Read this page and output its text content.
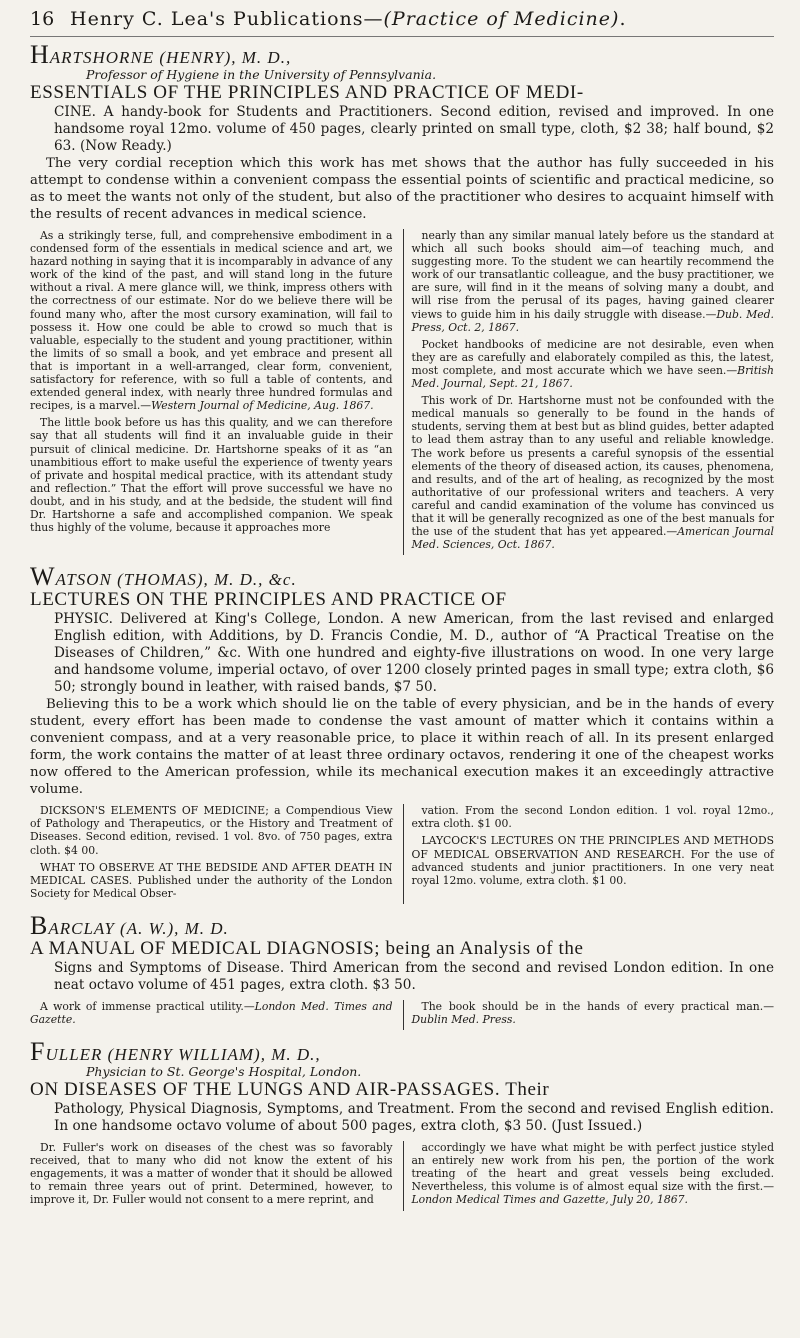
16 Henry C. Lea's Publications—(Practice of Medicine).
HARTSHORNE (HENRY), M. D.,
Professor of Hygiene in the University of Pennsylvania.
ESSENTIALS OF THE PRINCIPLES AND PRACTICE OF MEDI-
CINE. A handy-book for Students and Practitioners. Second edition, revised and improved. In one handsome royal 12mo. volume of 450 pages, clearly printed on small type, cloth, $2 38; half bound, $2 63. (Now Ready.)
The very cordial reception which this work has met shows that the author has fully succeeded in his attempt to condense within a convenient compass the essential points of scientific and practical medicine, so as to meet the wants not only of the student, but also of the practitioner who desires to acquaint himself with the results of recent advances in medical science.

As a strikingly terse, full, and comprehensive embodiment in a condensed form of the essentials in medical science and art, we hazard nothing in saying that it is incomparably in advance of any work of the kind of the past, and will stand long in the future without a rival. A mere glance will, we think, impress others with the correctness of our estimate. Nor do we believe there will be found many who, after the most cursory examination, will fail to possess it. How one could be able to crowd so much that is valuable, especially to the student and young practitioner, within the limits of so small a book, and yet embrace and present all that is important in a well-arranged, clear form, convenient, satisfactory for reference, with so full a table of contents, and extended general index, with nearly three hundred formulas and recipes, is a marvel.—Western Journal of Medicine, Aug. 1867.

The little book before us has this quality, and we can therefore say that all students will find it an invaluable guide in their pursuit of clinical medicine. Dr. Hartshorne speaks of it as “an unambitious effort to make useful the experience of twenty years of private and hospital medical practice, with its attendant study and reflection.” That the effort will prove successful we have no doubt, and in his study, and at the bedside, the student will find Dr. Hartshorne a safe and accomplished companion. We speak thus highly of the volume, because it approaches more

nearly than any similar manual lately before us the standard at which all such books should aim—of teaching much, and suggesting more. To the student we can heartily recommend the work of our transatlantic colleague, and the busy practitioner, we are sure, will find in it the means of solving many a doubt, and will rise from the perusal of its pages, having gained clearer views to guide him in his daily struggle with disease.—Dub. Med. Press, Oct. 2, 1867.

Pocket handbooks of medicine are not desirable, even when they are as carefully and elaborately compiled as this, the latest, most complete, and most accurate which we have seen.—British Med. Journal, Sept. 21, 1867.

This work of Dr. Hartshorne must not be confounded with the medical manuals so generally to be found in the hands of students, serving them at best but as blind guides, better adapted to lead them astray than to any useful and reliable knowledge. The work before us presents a careful synopsis of the essential elements of the theory of diseased action, its causes, phenomena, and results, and of the art of healing, as recognized by the most authoritative of our professional writers and teachers. A very careful and candid examination of the volume has convinced us that it will be generally recognized as one of the best manuals for the use of the student that has yet appeared.—American Journal Med. Sciences, Oct. 1867.

WATSON (THOMAS), M. D., &c.
LECTURES ON THE PRINCIPLES AND PRACTICE OF
PHYSIC. Delivered at King's College, London. A new American, from the last revised and enlarged English edition, with Additions, by D. Francis Condie, M. D., author of “A Practical Treatise on the Diseases of Children,” &c. With one hundred and eighty-five illustrations on wood. In one very large and handsome volume, imperial octavo, of over 1200 closely printed pages in small type; extra cloth, $6 50; strongly bound in leather, with raised bands, $7 50.
Believing this to be a work which should lie on the table of every physician, and be in the hands of every student, every effort has been made to condense the vast amount of matter which it contains within a convenient compass, and at a very reasonable price, to place it within reach of all. In its present enlarged form, the work contains the matter of at least three ordinary octavos, rendering it one of the cheapest works now offered to the American profession, while its mechanical execution makes it an exceedingly attractive volume.

DICKSON'S ELEMENTS OF MEDICINE; a Compendious View of Pathology and Therapeutics, or the History and Treatment of Diseases. Second edition, revised. 1 vol. 8vo. of 750 pages, extra cloth. $4 00.

WHAT TO OBSERVE AT THE BEDSIDE AND AFTER DEATH IN MEDICAL CASES. Published under the authority of the London Society for Medical Obser-

vation. From the second London edition. 1 vol. royal 12mo., extra cloth. $1 00.

LAYCOCK'S LECTURES ON THE PRINCIPLES AND METHODS OF MEDICAL OBSERVATION AND RESEARCH. For the use of advanced students and junior practitioners. In one very neat royal 12mo. volume, extra cloth. $1 00.

BARCLAY (A. W.), M. D.
A MANUAL OF MEDICAL DIAGNOSIS; being an Analysis of the
Signs and Symptoms of Disease. Third American from the second and revised London edition. In one neat octavo volume of 451 pages, extra cloth. $3 50.

A work of immense practical utility.—London Med. Times and Gazette.

The book should be in the hands of every practical man.—Dublin Med. Press.

FULLER (HENRY WILLIAM), M. D.,
Physician to St. George's Hospital, London.
ON DISEASES OF THE LUNGS AND AIR-PASSAGES. Their
Pathology, Physical Diagnosis, Symptoms, and Treatment. From the second and revised English edition. In one handsome octavo volume of about 500 pages, extra cloth, $3 50. (Just Issued.)

Dr. Fuller's work on diseases of the chest was so favorably received, that to many who did not know the extent of his engagements, it was a matter of wonder that it should be allowed to remain three years out of print. Determined, however, to improve it, Dr. Fuller would not consent to a mere reprint, and

accordingly we have what might be with perfect justice styled an entirely new work from his pen, the portion of the work treating of the heart and great vessels being excluded. Nevertheless, this volume is of almost equal size with the first.—London Medical Times and Gazette, July 20, 1867.
